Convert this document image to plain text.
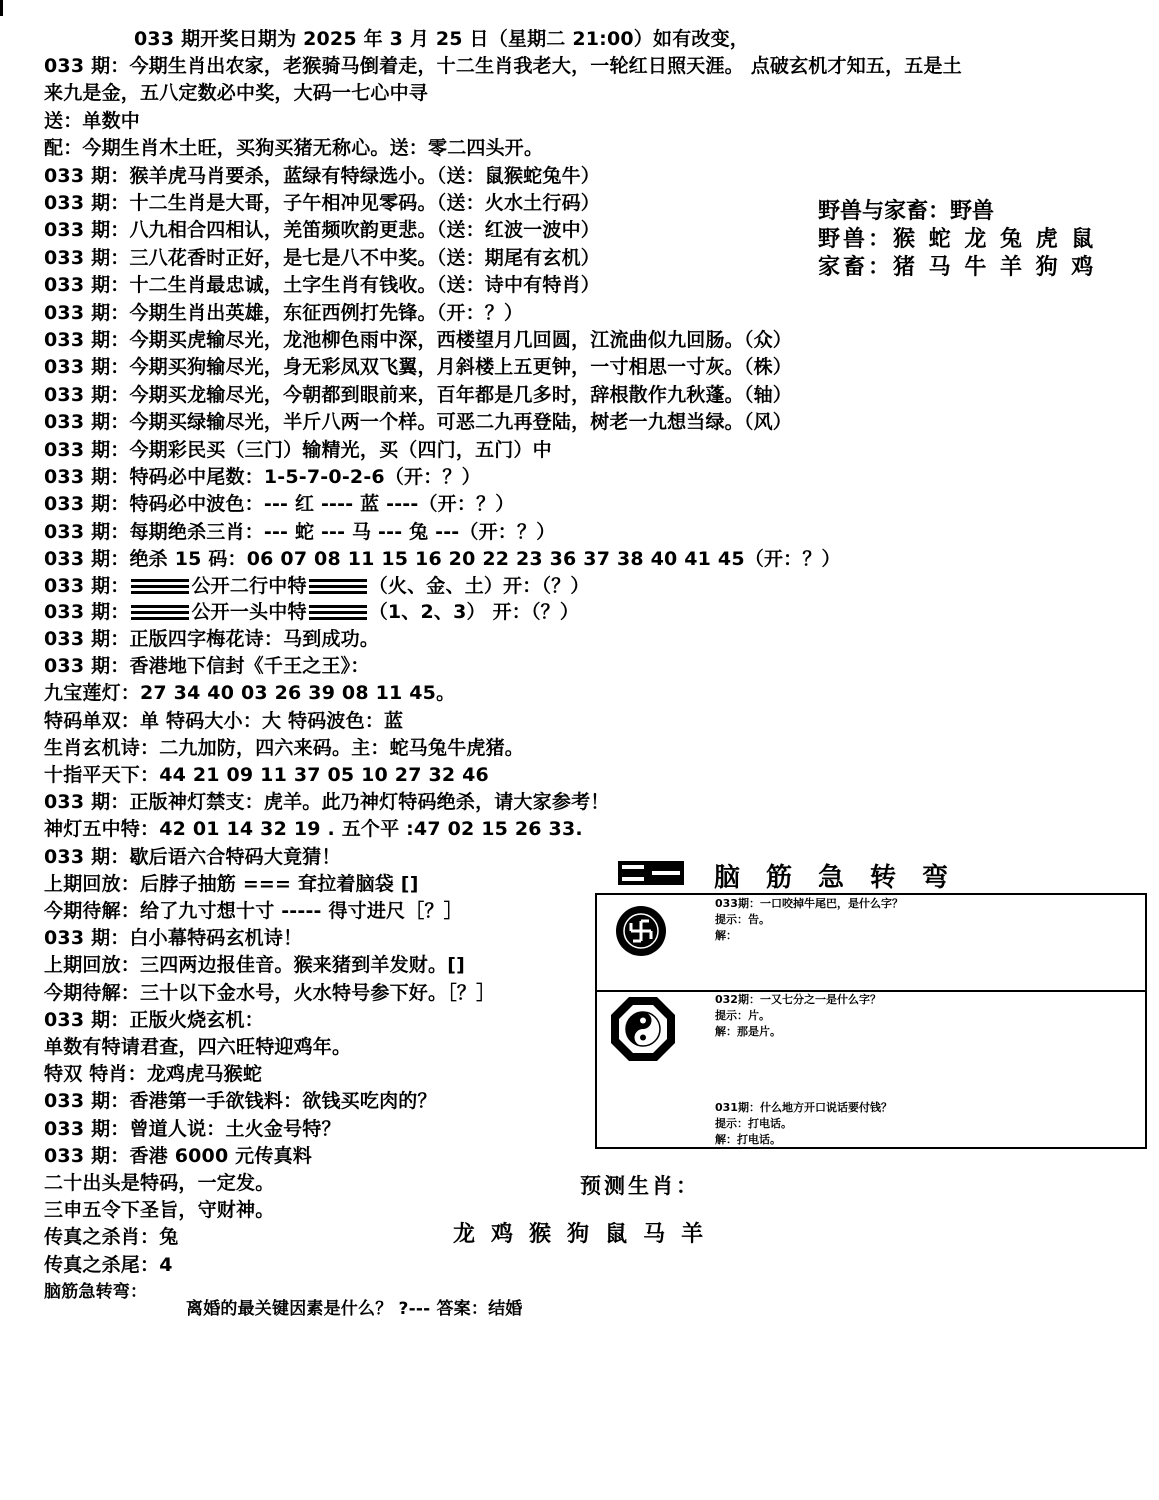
033 期开奖日期为 2025 年 3 月 25 日（星期二 21:00）如有改变，
033 期：今期生肖出农家，老猴骑马倒着走，十二生肖我老大，一轮红日照天涯。 点破玄机才知五，五是土
来九是金，五八定数必中奖，大码一七心中寻
送：单数中
配：今期生肖木土旺，买狗买猪无称心。送：零二四头开。
033 期：猴羊虎马肖要杀，蓝绿有特绿选小。（送：鼠猴蛇兔牛）
033 期：十二生肖是大哥，子午相冲见零码。（送：火水土行码）
033 期：八九相合四相认，羌笛频吹韵更悲。（送：红波一波中）
033 期：三八花香时正好，是七是八不中奖。（送：期尾有玄机）
033 期：十二生肖最忠诚，土字生肖有钱收。（送：诗中有特肖）
033 期：今期生肖出英雄，东征西例打先锋。（开：？）
033 期：今期买虎输尽光，龙池柳色雨中深，西楼望月几回圆，江流曲似九回肠。（众）
033 期：今期买狗输尽光，身无彩凤双飞翼，月斜楼上五更钟，一寸相思一寸灰。（株）
033 期：今期买龙输尽光，今朝都到眼前来，百年都是几多时，辞根散作九秋蓬。（轴）
033 期：今期买绿输尽光，半斤八两一个样。可恶二九再登陆，树老一九想当绿。（风）
033 期：今期彩民买（三门）输精光，买（四门，五门）中
033 期：特码必中尾数：1-5-7-0-2-6（开：？）
033 期：特码必中波色：--- 红 ---- 蓝 ----（开：？）
033 期：每期绝杀三肖：--- 蛇 --- 马 --- 兔 ---（开：？）
033 期：绝杀 15 码：06 07 08 11 15 16 20 22 23 36 37 38 40 41 45（开：？）
033 期：	公开二行中特	（火、金、土）开：（？）
033 期：	公开一头中特	（1、2、3） 开：（？）
033 期：正版四字梅花诗：马到成功。
033 期：香港地下信封《千王之王》：
九宝莲灯：27 34 40 03 26 39 08 11 45。
特码单双：单 特码大小：大 特码波色：蓝
生肖玄机诗：二九加防，四六来码。主：蛇马兔牛虎猪。
十指平天下：44 21 09 11 37 05 10 27 32 46
033 期：正版神灯禁支：虎羊。此乃神灯特码绝杀，请大家参考！
神灯五中特：42 01 14 32 19 . 五个平 :47 02 15 26 33.
033 期：歇后语六合特码大竟猜！
上期回放：后脖子抽筋 === 耷拉着脑袋 []
今期待解：给了九寸想十寸 ----- 得寸进尺［？］
033 期：白小幕特码玄机诗！
上期回放：三四两边报佳音。猴来猪到羊发财。[]
今期待解：三十以下金水号，火水特号参下好。［？］
033 期：正版火烧玄机：
单数有特请君查，四六旺特迎鸡年。
特双 特肖：龙鸡虎马猴蛇
033 期：香港第一手欲钱料：欲钱买吃肉的？
033 期：曾道人说：土火金号特？
033 期：香港 6000 元传真料
二十出头是特码，一定发。
三申五令下圣旨，守财神。
传真之杀肖：兔
传真之杀尾：4
脑筋急转弯：
离婚的最关键因素是什么？ ?--- 答案：结婚
野兽与家畜：野兽
野兽：猴 蛇 龙 兔 虎 鼠
家畜：猪 马 牛 羊 狗 鸡
脑筋急转弯
033期：一口咬掉牛尾巴，是什么字？
提示：告。
解：
032期：一又七分之一是什么字？
提示：片。
解：那是片。
031期：什么地方开口说话要付钱？
提示：打电话。
解：打电话。
预测生肖：
龙 鸡 猴 狗 鼠 马 羊
